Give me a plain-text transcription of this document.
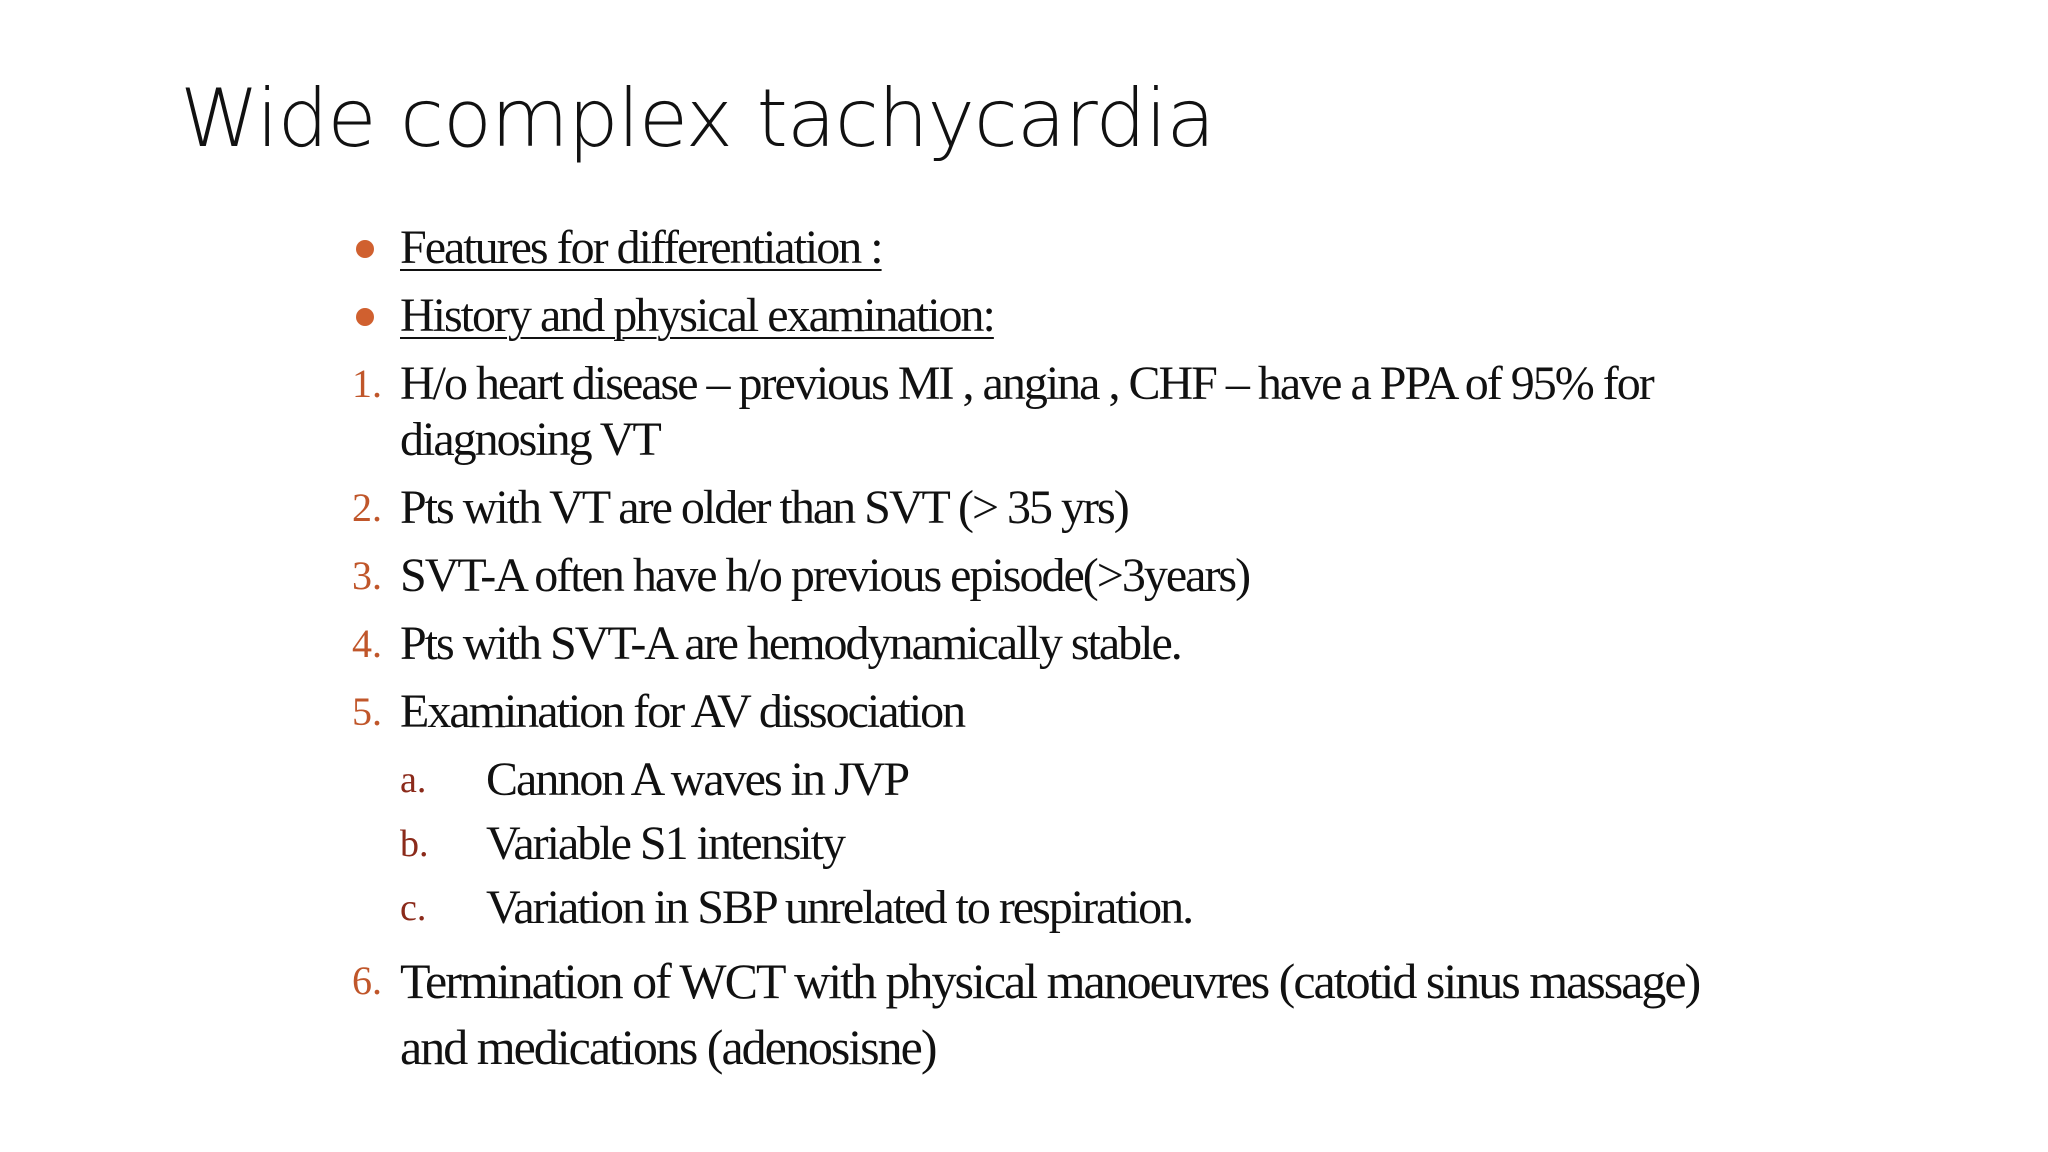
Wide complex tachycardia
Features for differentiation :
History and physical examination:
1. H/o heart disease – previous MI , angina , CHF – have a PPA of 95% for diagnosing VT
2. Pts with VT are older than SVT (> 35 yrs)
3. SVT-A often have h/o previous episode(>3years)
4. Pts with SVT-A are hemodynamically stable.
5. Examination for AV dissociation
a. Cannon A waves in JVP
b. Variable S1 intensity
c. Variation in SBP unrelated to respiration.
6. Termination of WCT with physical manoeuvres (catotid sinus massage) and medications (adenosisne)
